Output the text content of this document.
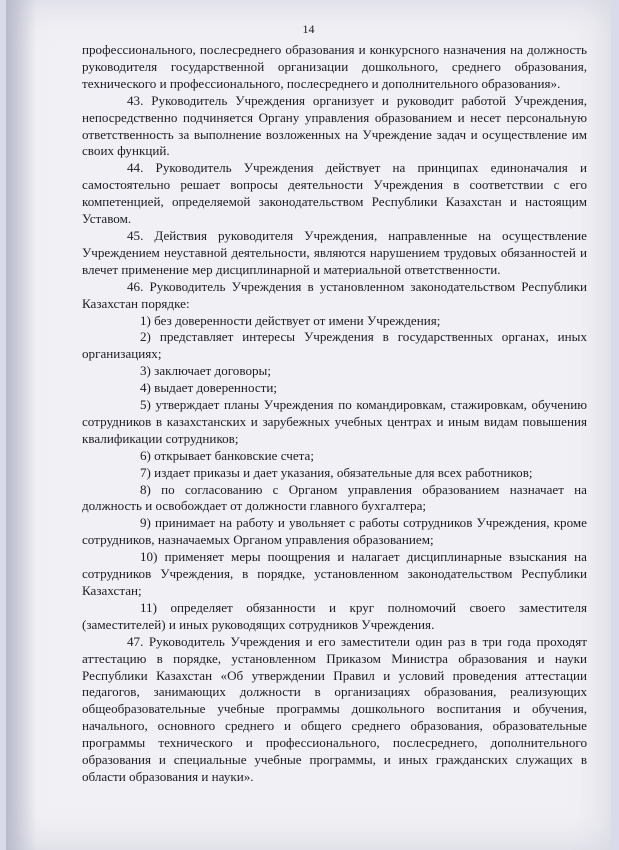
14

профессионального, послесреднего образования и конкурсного назначения на должность руководителя государственной организации дошкольного, среднего образования, технического и профессионального, послесреднего и дополнительного образования».

43. Руководитель Учреждения организует и руководит работой Учреждения, непосредственно подчиняется Органу управления образованием и несет персональную ответственность за выполнение возложенных на Учреждение задач и осуществление им своих функций.

44. Руководитель Учреждения действует на принципах единоначалия и самостоятельно решает вопросы деятельности Учреждения в соответствии с его компетенцией, определяемой законодательством Республики Казахстан и настоящим Уставом.

45. Действия руководителя Учреждения, направленные на осуществление Учреждением неуставной деятельности, являются нарушением трудовых обязанностей и влечет применение мер дисциплинарной и материальной ответственности.

46. Руководитель Учреждения в установленном законодательством Республики Казахстан порядке:

1) без доверенности действует от имени Учреждения;

2) представляет интересы Учреждения в государственных органах, иных организациях;

3) заключает договоры;

4) выдает доверенности;

5) утверждает планы Учреждения по командировкам, стажировкам, обучению сотрудников в казахстанских и зарубежных учебных центрах и иным видам повышения квалификации сотрудников;

6) открывает банковские счета;

7) издает приказы и дает указания, обязательные для всех работников;

8) по согласованию с Органом управления образованием назначает на должность и освобождает от должности главного бухгалтера;

9) принимает на работу и увольняет с работы сотрудников Учреждения, кроме сотрудников, назначаемых Органом управления образованием;

10) применяет меры поощрения и налагает дисциплинарные взыскания на сотрудников Учреждения, в порядке, установленном законодательством Республики Казахстан;

11) определяет обязанности и круг полномочий своего заместителя (заместителей) и иных руководящих сотрудников Учреждения.

47. Руководитель Учреждения и его заместители один раз в три года проходят аттестацию в порядке, установленном Приказом Министра образования и науки Республики Казахстан «Об утверждении Правил и условий проведения аттестации педагогов, занимающих должности в организациях образования, реализующих общеобразовательные учебные программы дошкольного воспитания и обучения, начального, основного среднего и общего среднего образования, образовательные программы технического и профессионального, послесреднего, дополнительного образования и специальные учебные программы, и иных гражданских служащих в области образования и науки».
